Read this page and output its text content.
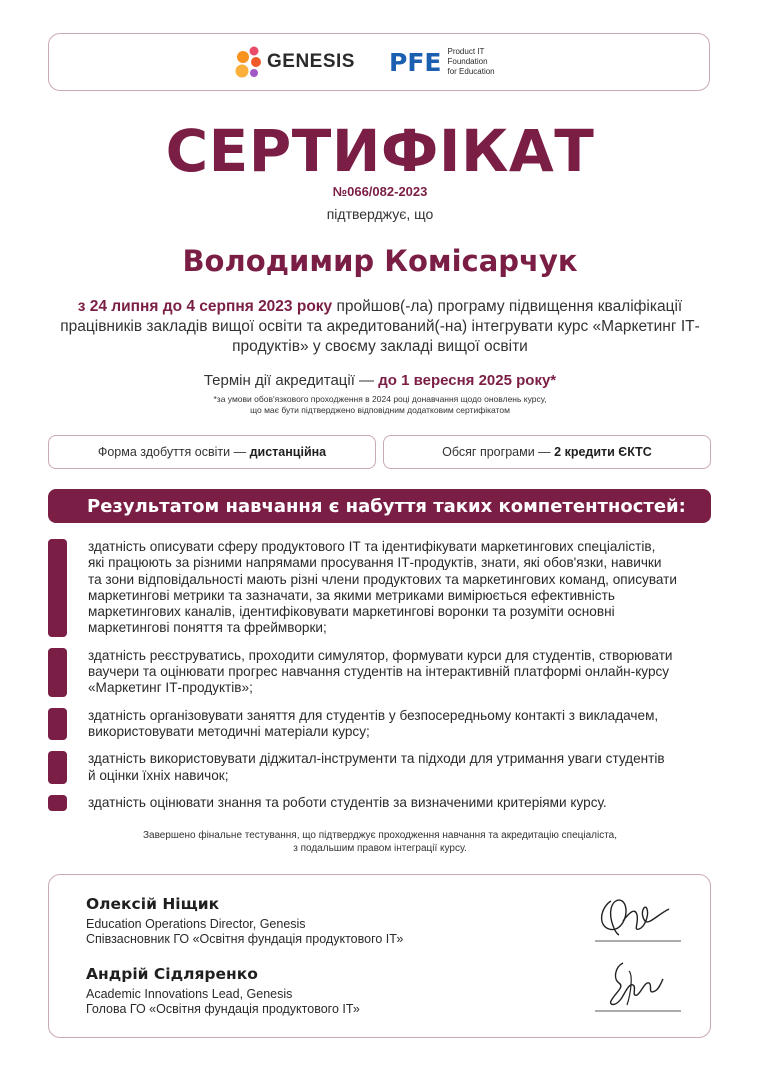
GENESIS PFE Product IT
Foundation
for Education
СЕРТИФІКАТ
№066/082-2023
підтверджує, що
Володимир Комісарчук
з 24 липня до 4 серпня 2023 року пройшов(-ла) програму підвищення кваліфікації працівників закладів вищої освіти та акредитований(-на) інтегрувати курс «Маркетинг ІТ-продуктів» у своєму закладі вищої освіти
Термін дії акредитації — до 1 вересня 2025 року*
*за умови обов'язкового проходження в 2024 році донавчання щодо оновлень курсу,
що має бути підтверджено відповідним додатковим сертифікатом
Форма здобуття освіти —
дистанційна	Обсяг програми —
2 кредити ЄКТС
Результатом навчання є набуття таких компетентностей:
здатність описувати сферу продуктового ІТ та ідентифікувати маркетингових спеціалістів,
які працюють за різними напрямами просування ІТ-продуктів, знати, які обов'язки, навички
та зони відповідальності мають різні члени продуктових та маркетингових команд, описувати
маркетингові метрики та зазначати, за якими метриками вимірюється ефективність
маркетингових каналів, ідентифіковувати маркетингові воронки та розуміти основні
маркетингові поняття та фреймворки;
здатність реєструватись, проходити симулятор, формувати курси для студентів, створювати
ваучери та оцінювати прогрес навчання студентів на інтерактивній платформі онлайн-курсу
«Маркетинг ІТ-продуктів»;
здатність організовувати заняття для студентів у безпосередньому контакті з викладачем,
використовувати методичні матеріали курсу;
здатність використовувати діджитал-інструменти та підходи для утримання уваги студентів
й оцінки їхніх навичок;
здатність оцінювати знання та роботи студентів за визначеними критеріями курсу.
Завершено фінальне тестування, що підтверджує проходження навчання та акредитацію спеціаліста,
з подальшим правом інтеграції курсу.
Олексій Ніщик
Education Operations Director, Genesis
Співзасновник ГО «Освітня фундація продуктового ІТ»
Андрій Сідляренко
Academic Innovations Lead, Genesis
Голова ГО «Освітня фундація продуктового ІТ»
